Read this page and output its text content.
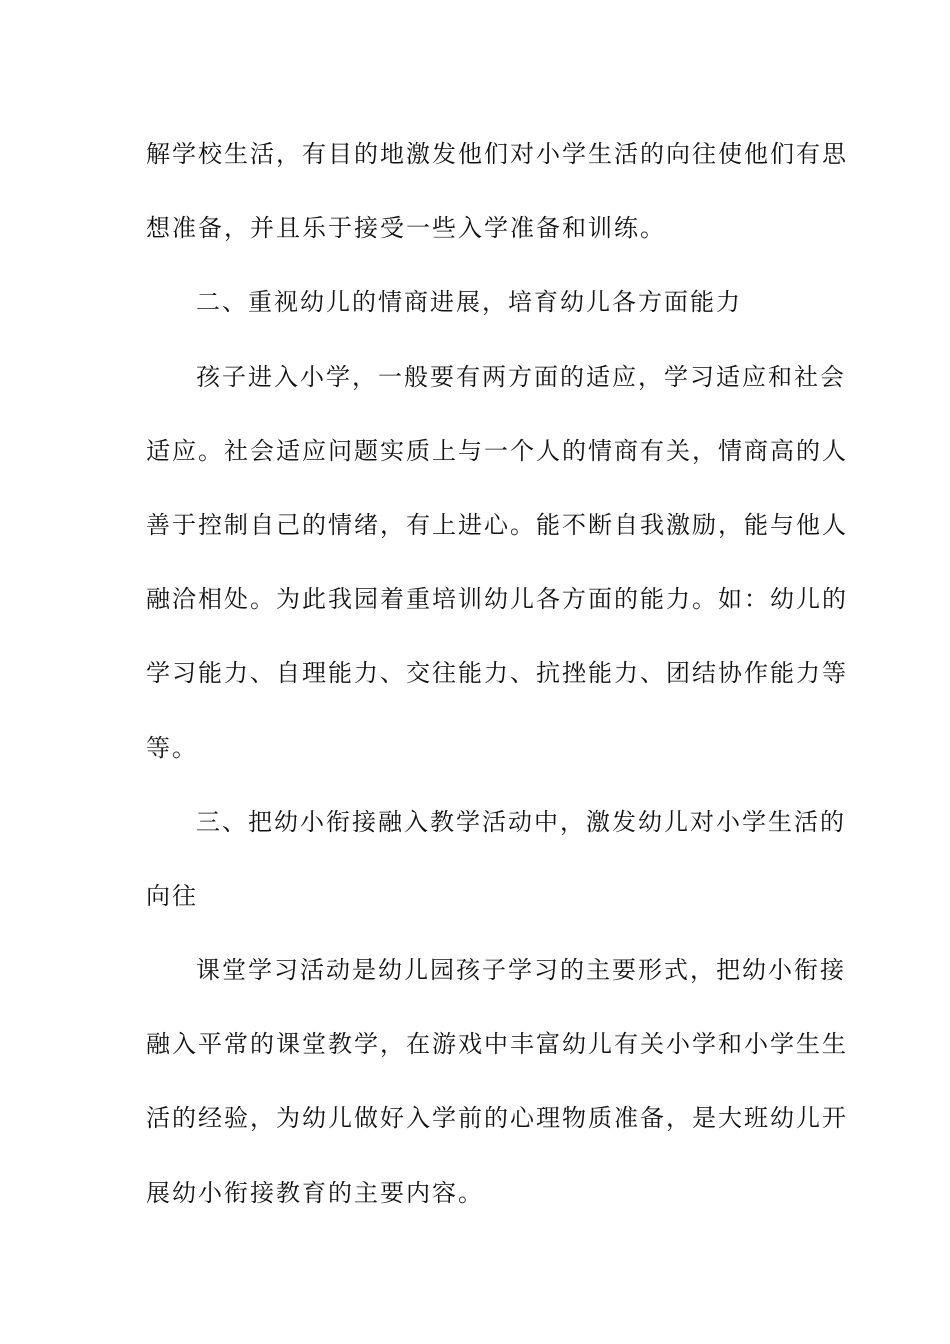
解学校生活，有目的地激发他们对小学生活的向往使他们有思
想准备，并且乐于接受一些入学准备和训练。
二、重视幼儿的情商进展，培育幼儿各方面能力
孩子进入小学，一般要有两方面的适应，学习适应和社会
适应。社会适应问题实质上与一个人的情商有关，情商高的人
善于控制自己的情绪，有上进心。能不断自我激励，能与他人
融洽相处。为此我园着重培训幼儿各方面的能力。如：幼儿的
学习能力、自理能力、交往能力、抗挫能力、团结协作能力等
等。
三、把幼小衔接融入教学活动中，激发幼儿对小学生活的
向往
课堂学习活动是幼儿园孩子学习的主要形式，把幼小衔接
融入平常的课堂教学，在游戏中丰富幼儿有关小学和小学生生
活的经验，为幼儿做好入学前的心理物质准备，是大班幼儿开
展幼小衔接教育的主要内容。
